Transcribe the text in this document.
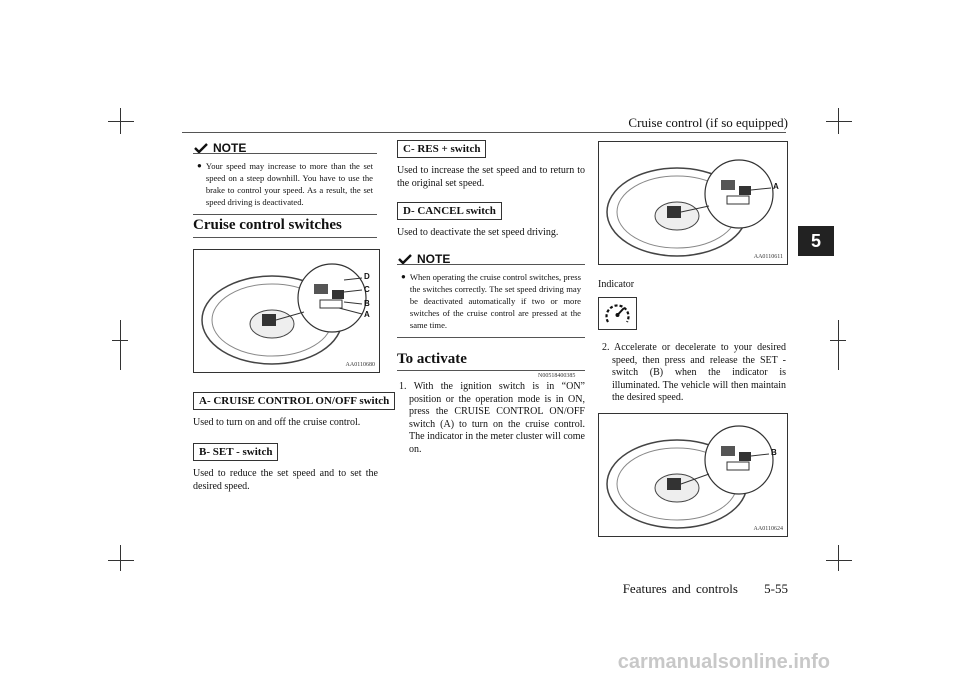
Cruise control (if so equipped)
5
NOTE
● Your speed may increase to more than the set speed on a steep downhill. You have to use the brake to control your speed. As a result, the set speed driving is deactivated.
Cruise control switches
D
C
B
A
AA0110680
A- CRUISE CONTROL ON/OFF switch
Used to turn on and off the cruise control.
B- SET - switch
Used to reduce the set speed and to set the desired speed.
C- RES + switch
Used to increase the set speed and to return to the original set speed.
D- CANCEL switch
Used to deactivate the set speed driving.
NOTE
● When operating the cruise control switches, press the switches correctly. The set speed driving may be deactivated automatically if two or more switches of the cruise control are pressed at the same time.
To activate
N00518400385
1. With the ignition switch is in “ON” position or the operation mode is in ON, press the CRUISE CONTROL ON/OFF switch (A) to turn on the cruise control. The indicator in the meter cluster will come on.
A
AA0110611
Indicator
2. Accelerate or decelerate to your desired speed, then press and release the SET - switch (B) when the indicator is illuminated. The vehicle will then maintain the desired speed.
B
AA0110624
Features and controls 5-55
carmanualsonline.info
